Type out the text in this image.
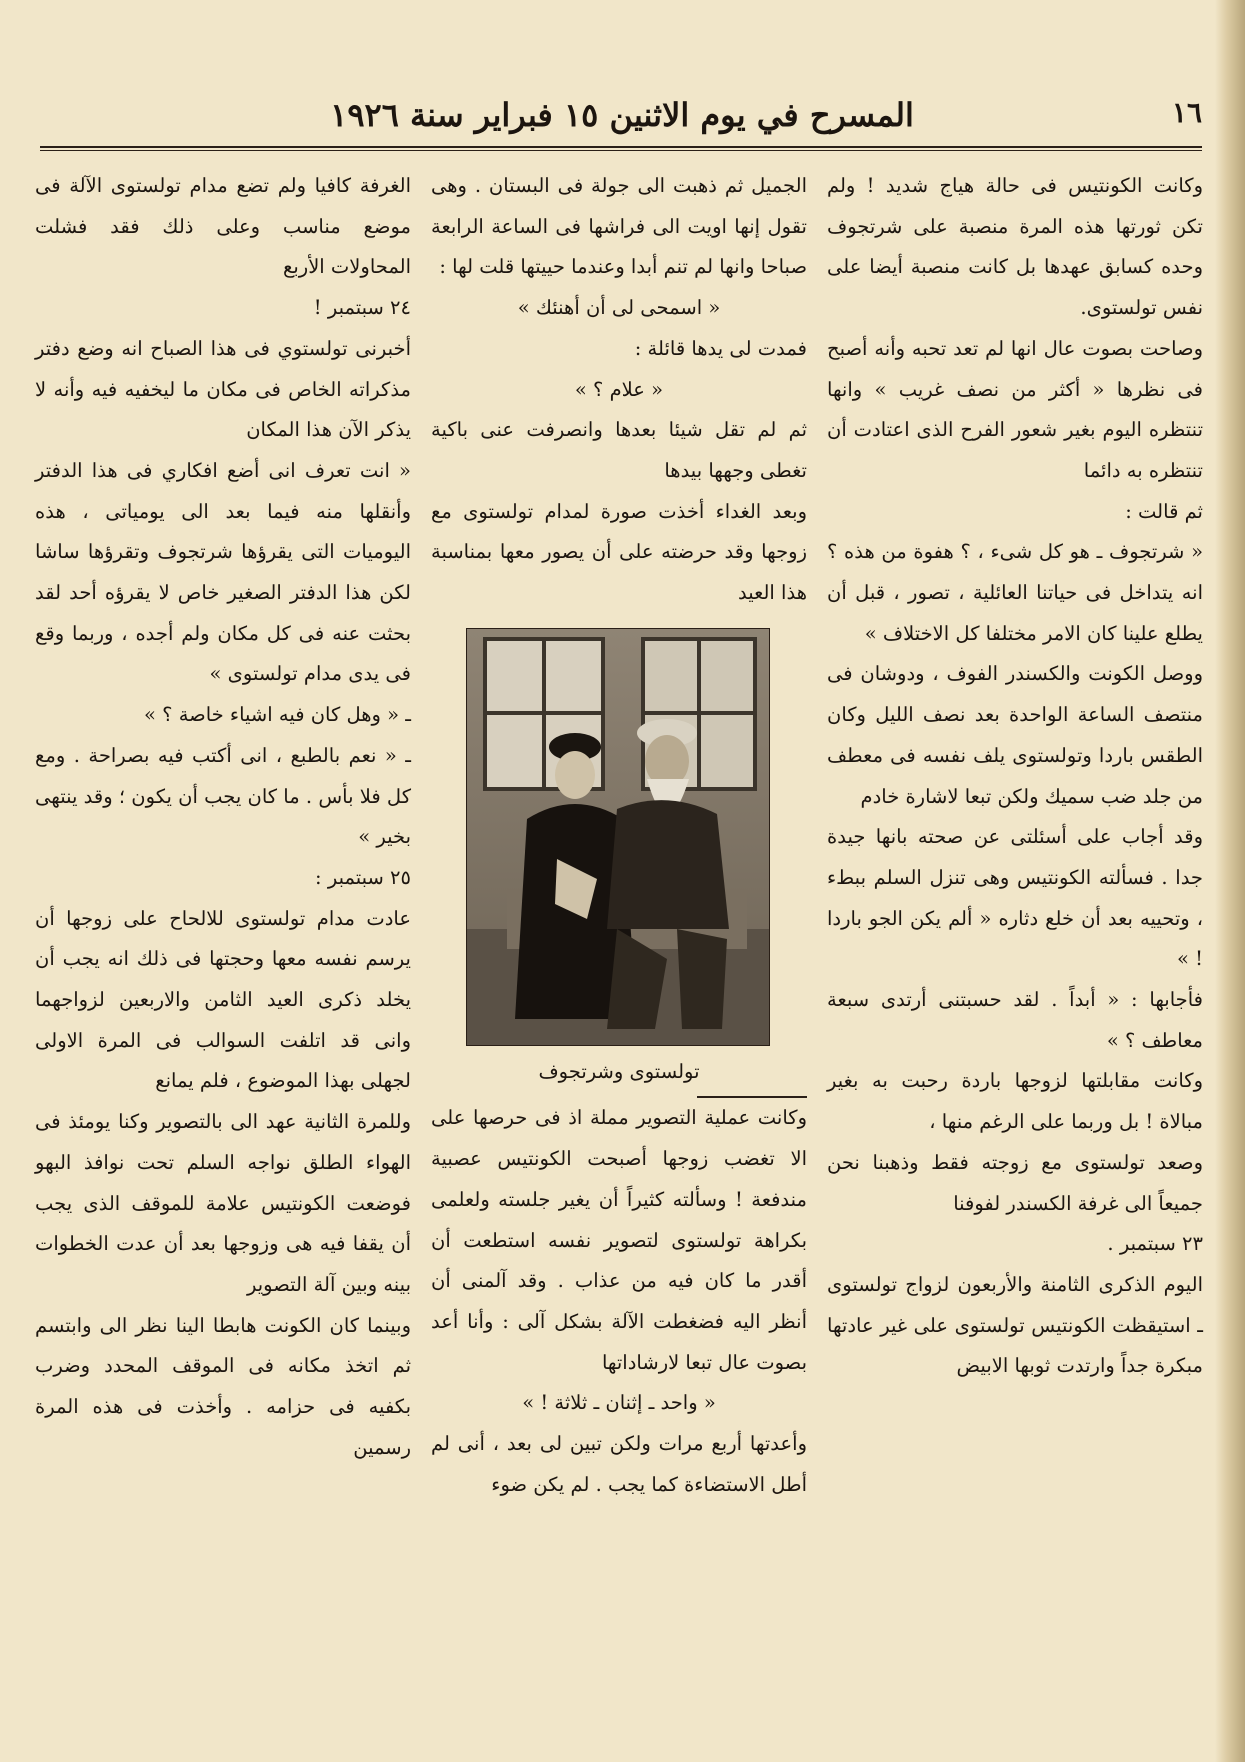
١٦
المسرح في يوم الاثنين ١٥ فبراير سنة ١٩٢٦

وكانت الكونتيس فى حالة هياج شديد ! ولم تكن ثورتها هذه المرة منصبة على شرتجوف وحده كسابق عهدها بل كانت منصبة أيضا على نفس تولستوى.

وصاحت بصوت عال انها لم تعد تحبه وأنه أصبح فى نظرها « أكثر من نصف غريب » وانها تنتظره اليوم بغير شعور الفرح الذى اعتادت أن تنتظره به دائما

ثم قالت :

« شرتجوف ـ هو كل شىء ، ؟ هفوة من هذه ؟ انه يتداخل فى حياتنا العائلية ، تصور ، قبل أن يطلع علينا كان الامر مختلفا كل الاختلاف »

ووصل الكونت والكسندر الفوف ، ودوشان فى منتصف الساعة الواحدة بعد نصف الليل وكان الطقس باردا وتولستوى يلف نفسه فى معطف من جلد ضب سميك ولكن تبعا لاشارة خادم

وقد أجاب على أسئلتى عن صحته بانها جيدة جدا . فسألته الكونتيس وهى تنزل السلم ببطء ، وتحييه بعد أن خلع دثاره « ألم يكن الجو باردا ! »

فأجابها : « أبداً . لقد حسبتنى أرتدى سبعة معاطف ؟ »

وكانت مقابلتها لزوجها باردة رحبت به بغير مبالاة ! بل وربما على الرغم منها ،

وصعد تولستوى مع زوجته فقط وذهبنا نحن جميعاً الى غرفة الكسندر لفوفنا

٢٣ سبتمبر .

اليوم الذكرى الثامنة والأربعون لزواج تولستوى ـ استيقظت الكونتيس تولستوى على غير عادتها مبكرة جداً وارتدت ثوبها الابيض

الجميل ثم ذهبت الى جولة فى البستان . وهى تقول إنها اويت الى فراشها فى الساعة الرابعة صباحا وانها لم تنم أبدا وعندما حييتها قلت لها :

« اسمحى لى أن أهنئك »

فمدت لى يدها قائلة :

« علام ؟ »

ثم لم تقل شيئا بعدها وانصرفت عنى باكية تغطى وجهها بيدها

وبعد الغداء أخذت صورة لمدام تولستوى مع زوجها وقد حرضته على أن يصور معها بمناسبة هذا العيد

تولستوى وشرتجوف

وكانت عملية التصوير مملة اذ فى حرصها على الا تغضب زوجها أصبحت الكونتيس عصبية مندفعة ! وسألته كثيراً أن يغير جلسته ولعلمى بكراهة تولستوى لتصوير نفسه استطعت أن أقدر ما كان فيه من عذاب . وقد آلمنى أن أنظر اليه فضغطت الآلة بشكل آلى : وأنا أعد بصوت عال تبعا لارشاداتها

« واحد ـ إثنان ـ ثلاثة ! »

وأعدتها أربع مرات ولكن تبين لى بعد ، أنى لم أطل الاستضاءة كما يجب . لم يكن ضوء

الغرفة كافيا ولم تضع مدام تولستوى الآلة فى موضع مناسب وعلى ذلك فقد فشلت المحاولات الأربع

٢٤ سبتمبر !

أخبرنى تولستوي فى هذا الصباح انه وضع دفتر مذكراته الخاص فى مكان ما ليخفيه فيه وأنه لا يذكر الآن هذا المكان

« انت تعرف انى أضع افكاري فى هذا الدفتر وأنقلها منه فيما بعد الى يومياتى ، هذه اليوميات التى يقرؤها شرتجوف وتقرؤها ساشا لكن هذا الدفتر الصغير خاص لا يقرؤه أحد لقد بحثت عنه فى كل مكان ولم أجده ، وربما وقع فى يدى مدام تولستوى »

ـ « وهل كان فيه اشياء خاصة ؟ »

ـ « نعم بالطبع ، انى أكتب فيه بصراحة . ومع كل فلا بأس . ما كان يجب أن يكون ؛ وقد ينتهى بخير »

٢٥ سبتمبر :

عادت مدام تولستوى للالحاح على زوجها أن يرسم نفسه معها وحجتها فى ذلك انه يجب أن يخلد ذكرى العيد الثامن والاربعين لزواجهما وانى قد اتلفت السوالب فى المرة الاولى لجهلى بهذا الموضوع ، فلم يمانع

وللمرة الثانية عهد الى بالتصوير وكنا يومئذ فى الهواء الطلق نواجه السلم تحت نوافذ البهو فوضعت الكونتيس علامة للموقف الذى يجب أن يقفا فيه هى وزوجها بعد أن عدت الخطوات بينه وبين آلة التصوير

وبينما كان الكونت هابطا الينا نظر الى وابتسم ثم اتخذ مكانه فى الموقف المحدد وضرب بكفيه فى حزامه . وأخذت فى هذه المرة رسمين
